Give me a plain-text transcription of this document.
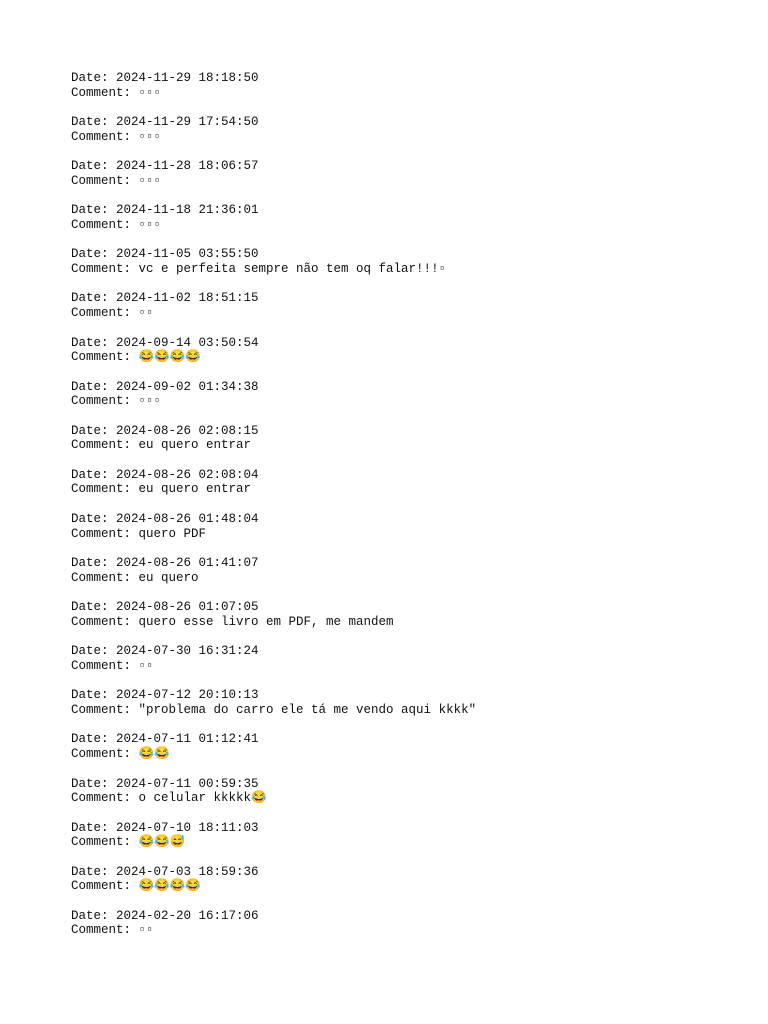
Date: 2024-11-29 18:18:50
Comment: ▫▫▫
Date: 2024-11-29 17:54:50
Comment: ▫▫▫
Date: 2024-11-28 18:06:57
Comment: ▫▫▫
Date: 2024-11-18 21:36:01
Comment: ▫▫▫
Date: 2024-11-05 03:55:50
Comment: vc e perfeita sempre não tem oq falar!!!▫
Date: 2024-11-02 18:51:15
Comment: ▫▫
Date: 2024-09-14 03:50:54
Comment: 😂😂😂😂
Date: 2024-09-02 01:34:38
Comment: ▫▫▫
Date: 2024-08-26 02:08:15
Comment: eu quero entrar
Date: 2024-08-26 02:08:04
Comment: eu quero entrar
Date: 2024-08-26 01:48:04
Comment: quero PDF
Date: 2024-08-26 01:41:07
Comment: eu quero
Date: 2024-08-26 01:07:05
Comment: quero esse livro em PDF, me mandem
Date: 2024-07-30 16:31:24
Comment: ▫▫
Date: 2024-07-12 20:10:13
Comment: "problema do carro ele tá me vendo aqui kkkk"
Date: 2024-07-11 01:12:41
Comment: 😂😂
Date: 2024-07-11 00:59:35
Comment: o celular kkkkk😂
Date: 2024-07-10 18:11:03
Comment: 😂😂😅
Date: 2024-07-03 18:59:36
Comment: 😂😂😂😂
Date: 2024-02-20 16:17:06
Comment: ▫▫
